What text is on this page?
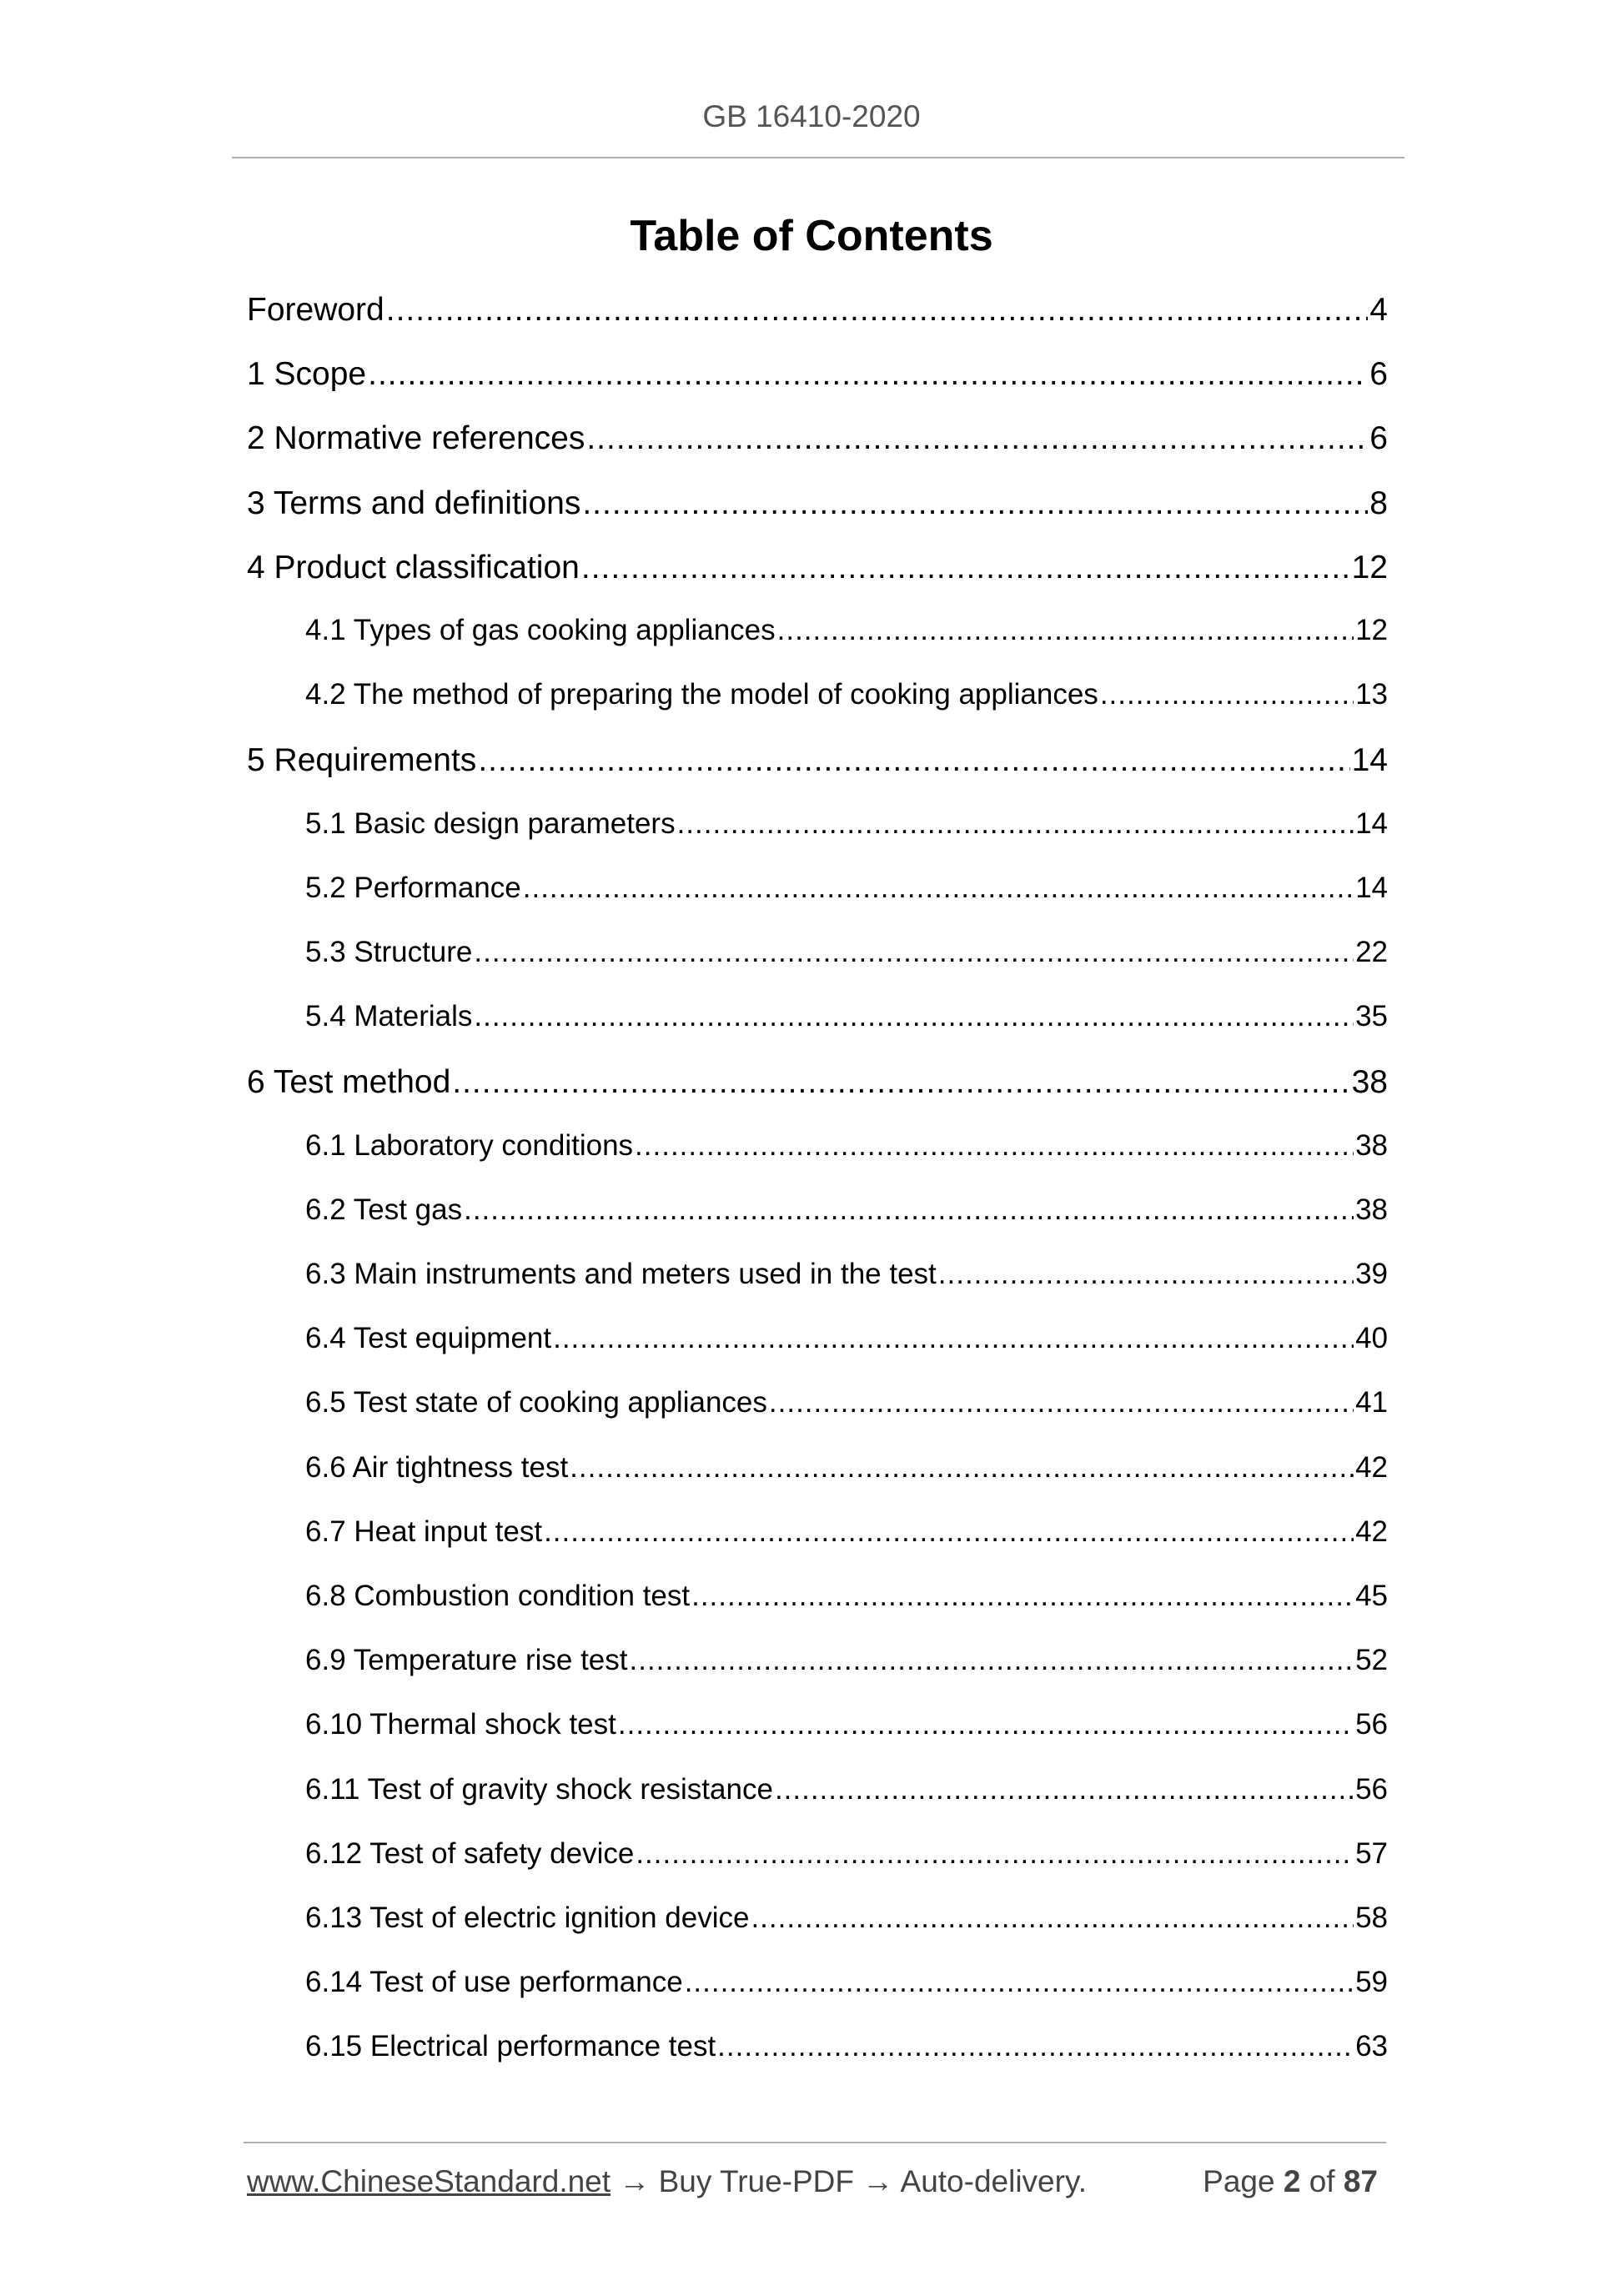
GB 16410-2020
Table of Contents
Foreword .....	4
1 Scope .....	6
2 Normative references .....	6
3 Terms and definitions .....	8
4 Product classification .....	12
4.1 Types of gas cooking appliances .....	12
4.2 The method of preparing the model of cooking appliances .....	13
5 Requirements .....	14
5.1 Basic design parameters .....	14
5.2 Performance .....	14
5.3 Structure .....	22
5.4 Materials .....	35
6 Test method .....	38
6.1 Laboratory conditions .....	38
6.2 Test gas .....	38
6.3 Main instruments and meters used in the test .....	39
6.4 Test equipment .....	40
6.5 Test state of cooking appliances .....	41
6.6 Air tightness test .....	42
6.7 Heat input test .....	42
6.8 Combustion condition test .....	45
6.9 Temperature rise test .....	52
6.10 Thermal shock test .....	56
6.11 Test of gravity shock resistance .....	56
6.12 Test of safety device .....	57
6.13 Test of electric ignition device .....	58
6.14 Test of use performance .....	59
6.15 Electrical performance test .....	63
www.ChineseStandard.net → Buy True-PDF → Auto-delivery.	Page 2 of 87
